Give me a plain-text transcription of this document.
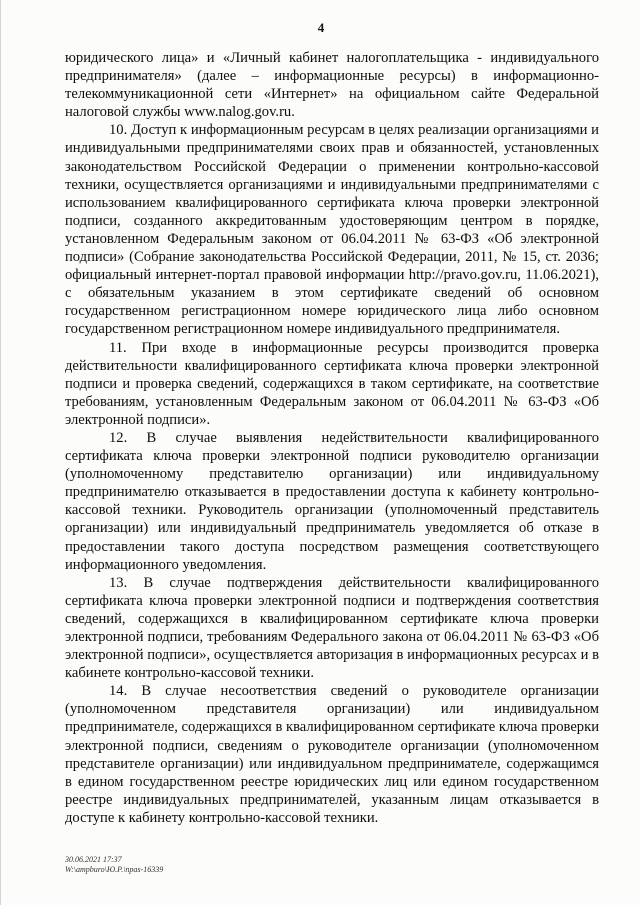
4

юридического лица» и «Личный кабинет налогоплательщика - индивидуального предпринимателя» (далее – информационные ресурсы) в информационно-телекоммуникационной сети «Интернет» на официальном сайте Федеральной налоговой службы www.nalog.gov.ru.

10. Доступ к информационным ресурсам в целях реализации организациями и индивидуальными предпринимателями своих прав и обязанностей, установленных законодательством Российской Федерации о применении контрольно-кассовой техники, осуществляется организациями и индивидуальными предпринимателями с использованием квалифицированного сертификата ключа проверки электронной подписи, созданного аккредитованным удостоверяющим центром в порядке, установленном Федеральным законом от 06.04.2011 № 63-ФЗ «Об электронной подписи» (Собрание законодательства Российской Федерации, 2011, № 15, ст. 2036; официальный интернет-портал правовой информации http://pravo.gov.ru, 11.06.2021), с обязательным указанием в этом сертификате сведений об основном государственном регистрационном номере юридического лица либо основном государственном регистрационном номере индивидуального предпринимателя.

11. При входе в информационные ресурсы производится проверка действительности квалифицированного сертификата ключа проверки электронной подписи и проверка сведений, содержащихся в таком сертификате, на соответствие требованиям, установленным Федеральным законом от 06.04.2011 № 63-ФЗ «Об электронной подписи».

12. В случае выявления недействительности квалифицированного сертификата ключа проверки электронной подписи руководителю организации (уполномоченному представителю организации) или индивидуальному предпринимателю отказывается в предоставлении доступа к кабинету контрольно-кассовой техники. Руководитель организации (уполномоченный представитель организации) или индивидуальный предприниматель уведомляется об отказе в предоставлении такого доступа посредством размещения соответствующего информационного уведомления.

13. В случае подтверждения действительности квалифицированного сертификата ключа проверки электронной подписи и подтверждения соответствия сведений, содержащихся в квалифицированном сертификате ключа проверки электронной подписи, требованиям Федерального закона от 06.04.2011 № 63-ФЗ «Об электронной подписи», осуществляется авторизация в информационных ресурсах и в кабинете контрольно-кассовой техники.

14. В случае несоответствия сведений о руководителе организации (уполномоченном представителя организации) или индивидуальном предпринимателе, содержащихся в квалифицированном сертификате ключа проверки электронной подписи, сведениям о руководителе организации (уполномоченном представителе организации) или индивидуальном предпринимателе, содержащимся в едином государственном реестре юридических лиц или едином государственном реестре индивидуальных предпринимателей, указанным лицам отказывается в доступе к кабинету контрольно-кассовой техники.

30.06.2021 17:37
W:\ampburo\Ю.Р.\npas-16339
